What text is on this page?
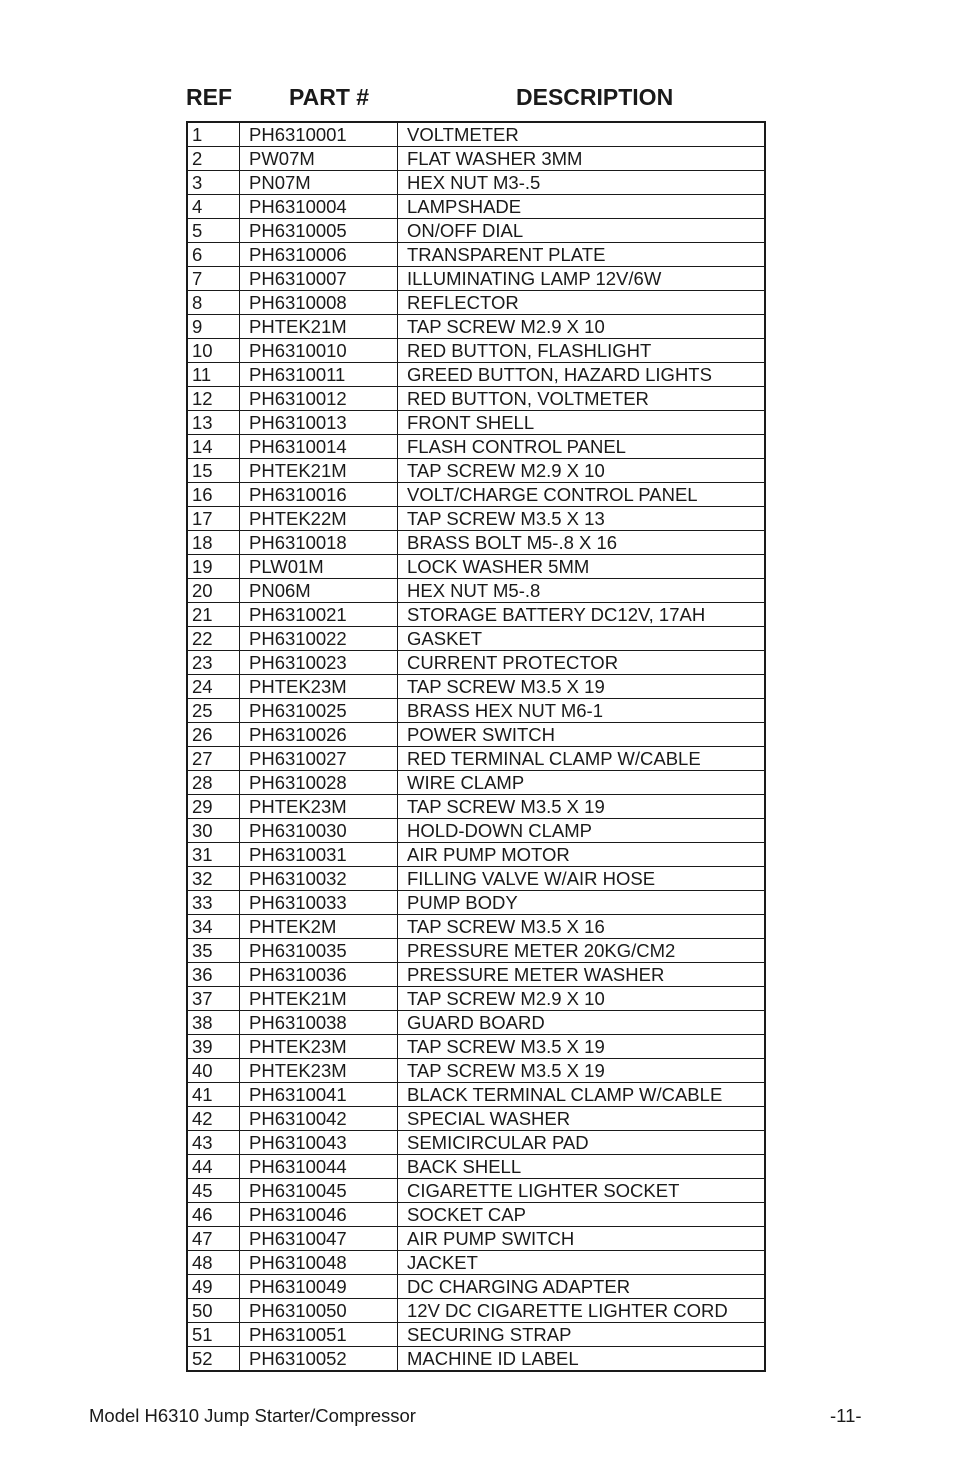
REF PART #	DESCRIPTION
1	PH6310001	VOLTMETER
2	PW07M	FLAT WASHER 3MM
3	PN07M	HEX NUT M3-.5
4	PH6310004	LAMPSHADE
5	PH6310005	ON/OFF DIAL
6	PH6310006	TRANSPARENT PLATE
7	PH6310007	ILLUMINATING LAMP 12V/6W
8	PH6310008	REFLECTOR
9	PHTEK21M	TAP SCREW M2.9 X 10
10	PH6310010	RED BUTTON, FLASHLIGHT
11	PH6310011	GREED BUTTON, HAZARD LIGHTS
12	PH6310012	RED BUTTON, VOLTMETER
13	PH6310013	FRONT SHELL
14	PH6310014	FLASH CONTROL PANEL
15	PHTEK21M	TAP SCREW M2.9 X 10
16	PH6310016	VOLT/CHARGE CONTROL PANEL
17	PHTEK22M	TAP SCREW M3.5 X 13
18	PH6310018	BRASS BOLT M5-.8 X 16
19	PLW01M	LOCK WASHER 5MM
20	PN06M	HEX NUT M5-.8
21	PH6310021	STORAGE BATTERY DC12V, 17AH
22	PH6310022	GASKET
23	PH6310023	CURRENT PROTECTOR
24	PHTEK23M	TAP SCREW M3.5 X 19
25	PH6310025	BRASS HEX NUT M6-1
26	PH6310026	POWER SWITCH
27	PH6310027	RED TERMINAL CLAMP W/CABLE
28	PH6310028	WIRE CLAMP
29	PHTEK23M	TAP SCREW M3.5 X 19
30	PH6310030	HOLD-DOWN CLAMP
31	PH6310031	AIR PUMP MOTOR
32	PH6310032	FILLING VALVE W/AIR HOSE
33	PH6310033	PUMP BODY
34	PHTEK2M	TAP SCREW M3.5 X 16
35	PH6310035	PRESSURE METER 20KG/CM2
36	PH6310036	PRESSURE METER WASHER
37	PHTEK21M	TAP SCREW M2.9 X 10
38	PH6310038	GUARD BOARD
39	PHTEK23M	TAP SCREW M3.5 X 19
40	PHTEK23M	TAP SCREW M3.5 X 19
41	PH6310041	BLACK TERMINAL CLAMP W/CABLE
42	PH6310042	SPECIAL WASHER
43	PH6310043	SEMICIRCULAR PAD
44	PH6310044	BACK SHELL
45	PH6310045	CIGARETTE LIGHTER SOCKET
46	PH6310046	SOCKET CAP
47	PH6310047	AIR PUMP SWITCH
48	PH6310048	JACKET
49	PH6310049	DC CHARGING ADAPTER
50	PH6310050	12V DC CIGARETTE LIGHTER CORD
51	PH6310051	SECURING STRAP
52	PH6310052	MACHINE ID LABEL
Model H6310 Jump Starter/Compressor	-11-
